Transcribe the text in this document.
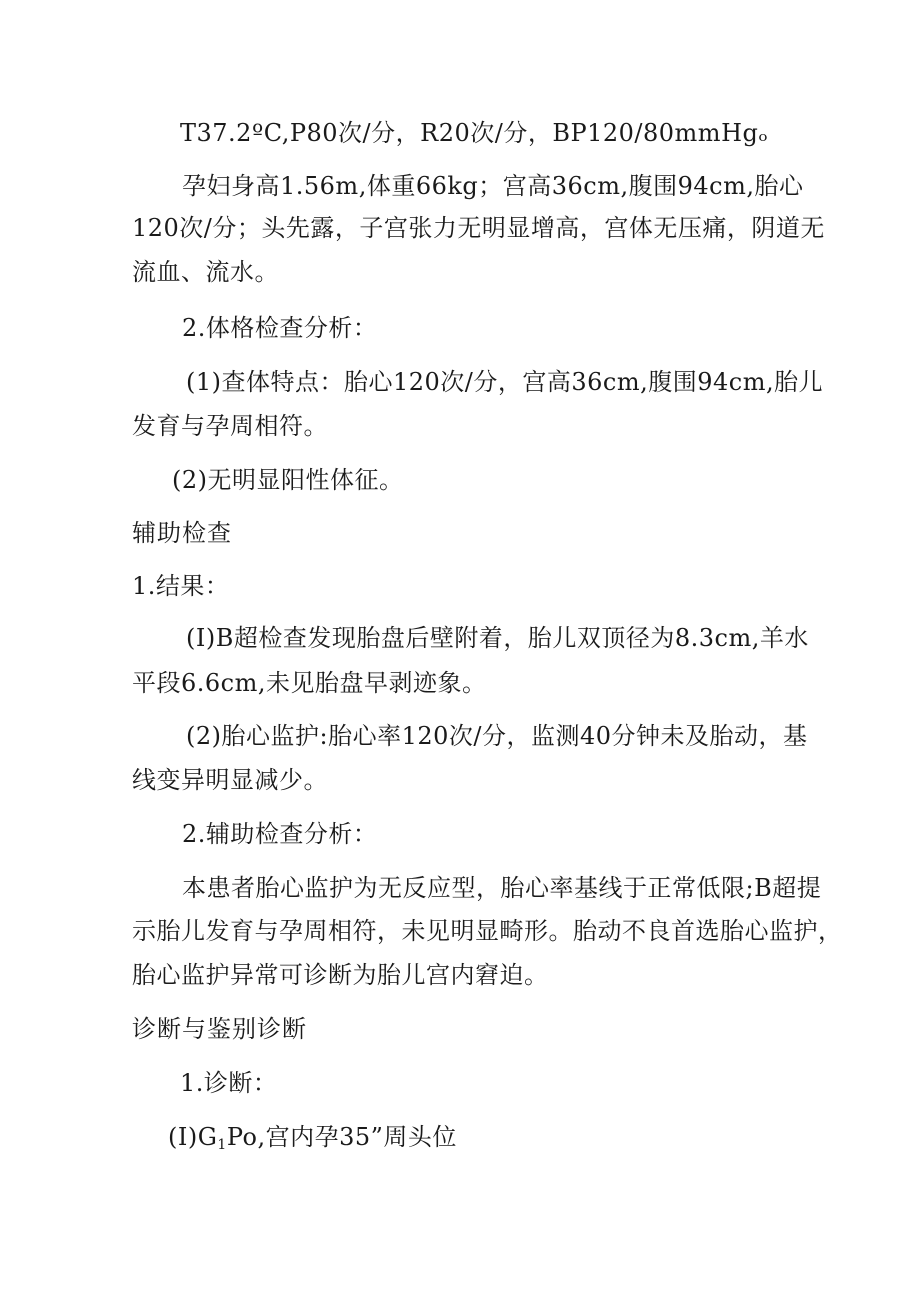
T37.2ºC,P80次/分，R20次/分，BP120/80mmHgₒ
孕妇身高1.56m,体重66kg；宫高36cm,腹围94cm,胎心
120次/分；头先露，子宫张力无明显增高，宫体无压痛，阴道无
流血、流水。
2.体格检查分析：
(1)查体特点：胎心120次/分，宫高36cm,腹围94cm,胎儿
发育与孕周相符。
(2)无明显阳性体征。
辅助检查
1.结果：
(I)B超检查发现胎盘后壁附着，胎儿双顶径为8.3cm,羊水
平段6.6cm,未见胎盘早剥迹象。
(2)胎心监护:胎心率120次/分，监测40分钟未及胎动，基
线变异明显减少。
2.辅助检查分析：
本患者胎心监护为无反应型，胎心率基线于正常低限;B超提
示胎儿发育与孕周相符，未见明显畸形。胎动不良首选胎心监护，
胎心监护异常可诊断为胎儿宫内窘迫。
诊断与鉴别诊断
1.诊断：
$(I)G_1Po$,宫内孕35”周头位
